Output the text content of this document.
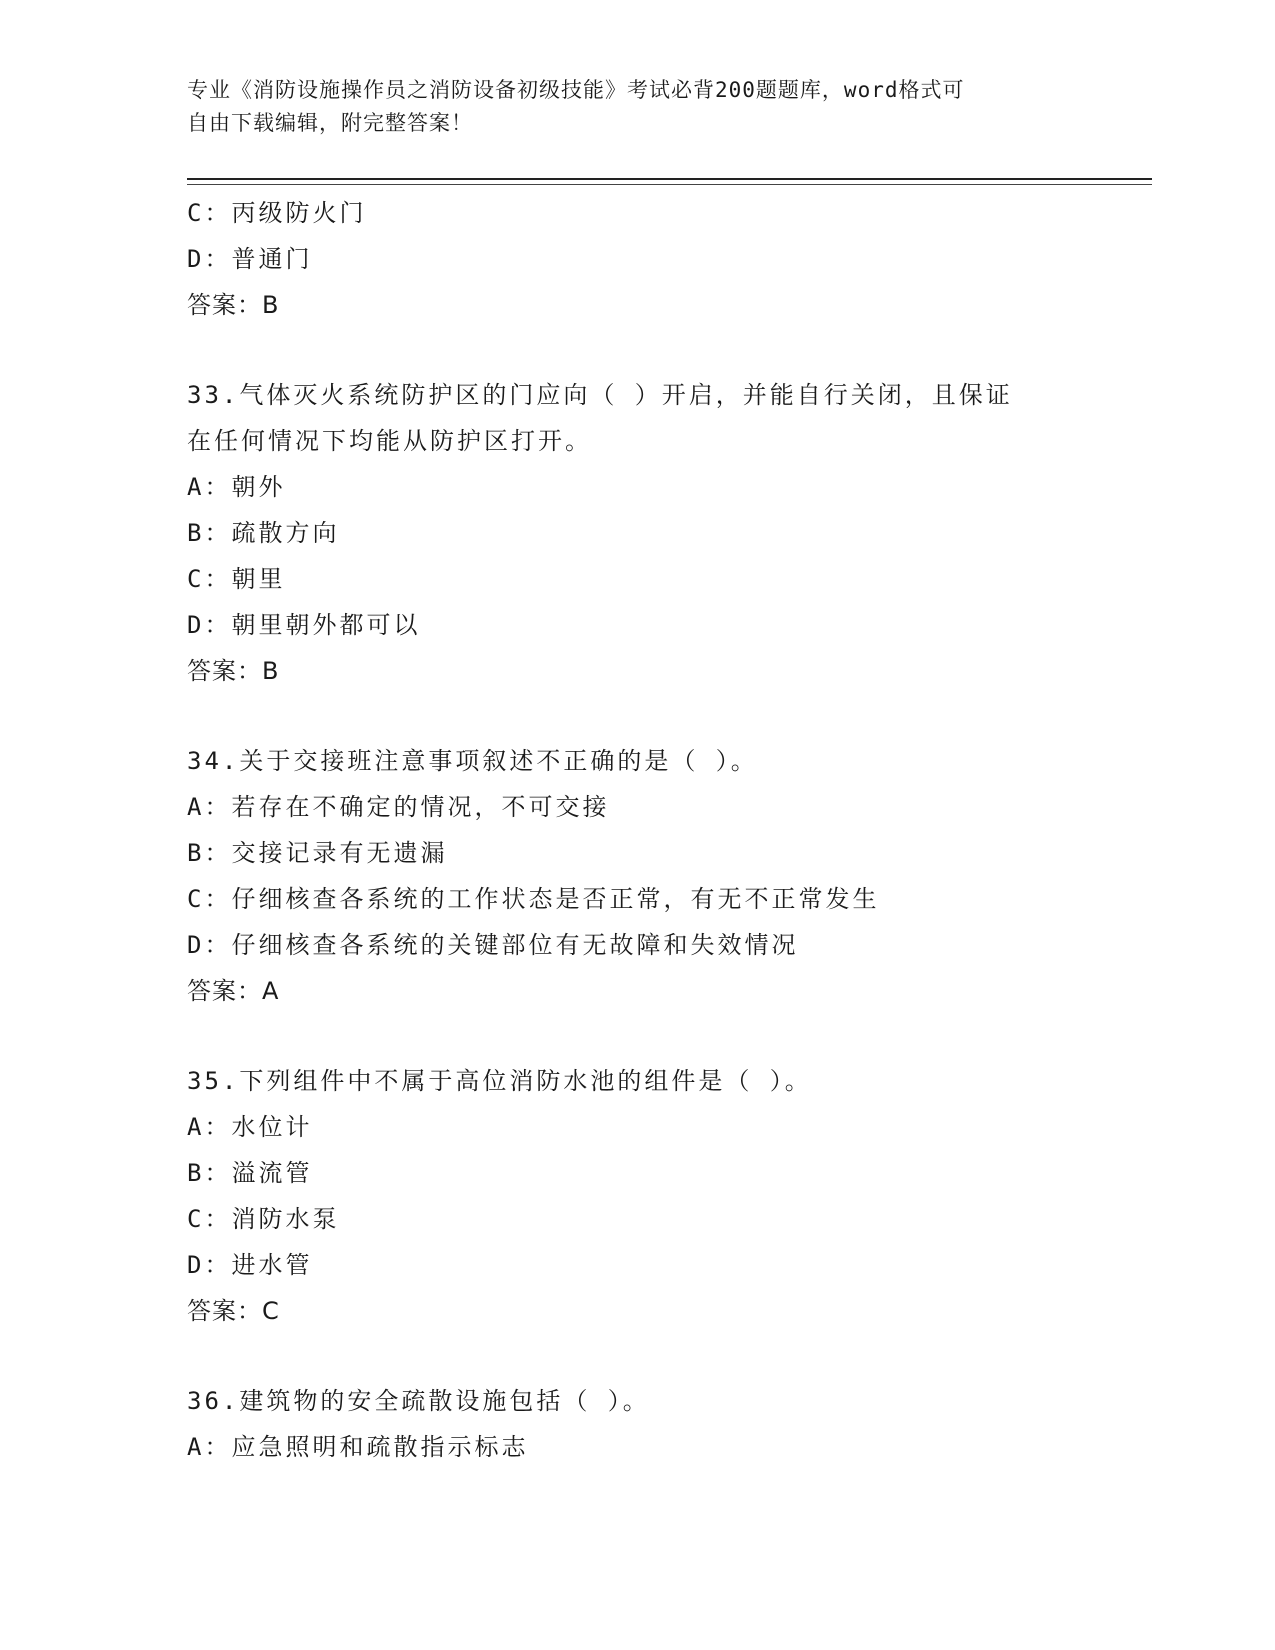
专业《消防设施操作员之消防设备初级技能》考试必背200题题库，word格式可
自由下载编辑，附完整答案！
C：丙级防火门
D：普通门
答案：B
33.气体灭火系统防护区的门应向（ ）开启，并能自行关闭，且保证
在任何情况下均能从防护区打开。
A：朝外
B：疏散方向
C：朝里
D：朝里朝外都可以
答案：B
34.关于交接班注意事项叙述不正确的是（ ）。
A：若存在不确定的情况，不可交接
B：交接记录有无遗漏
C：仔细核查各系统的工作状态是否正常，有无不正常发生
D：仔细核查各系统的关键部位有无故障和失效情况
答案：A
35.下列组件中不属于高位消防水池的组件是（ ）。
A：水位计
B：溢流管
C：消防水泵
D：进水管
答案：C
36.建筑物的安全疏散设施包括（ ）。
A：应急照明和疏散指示标志
